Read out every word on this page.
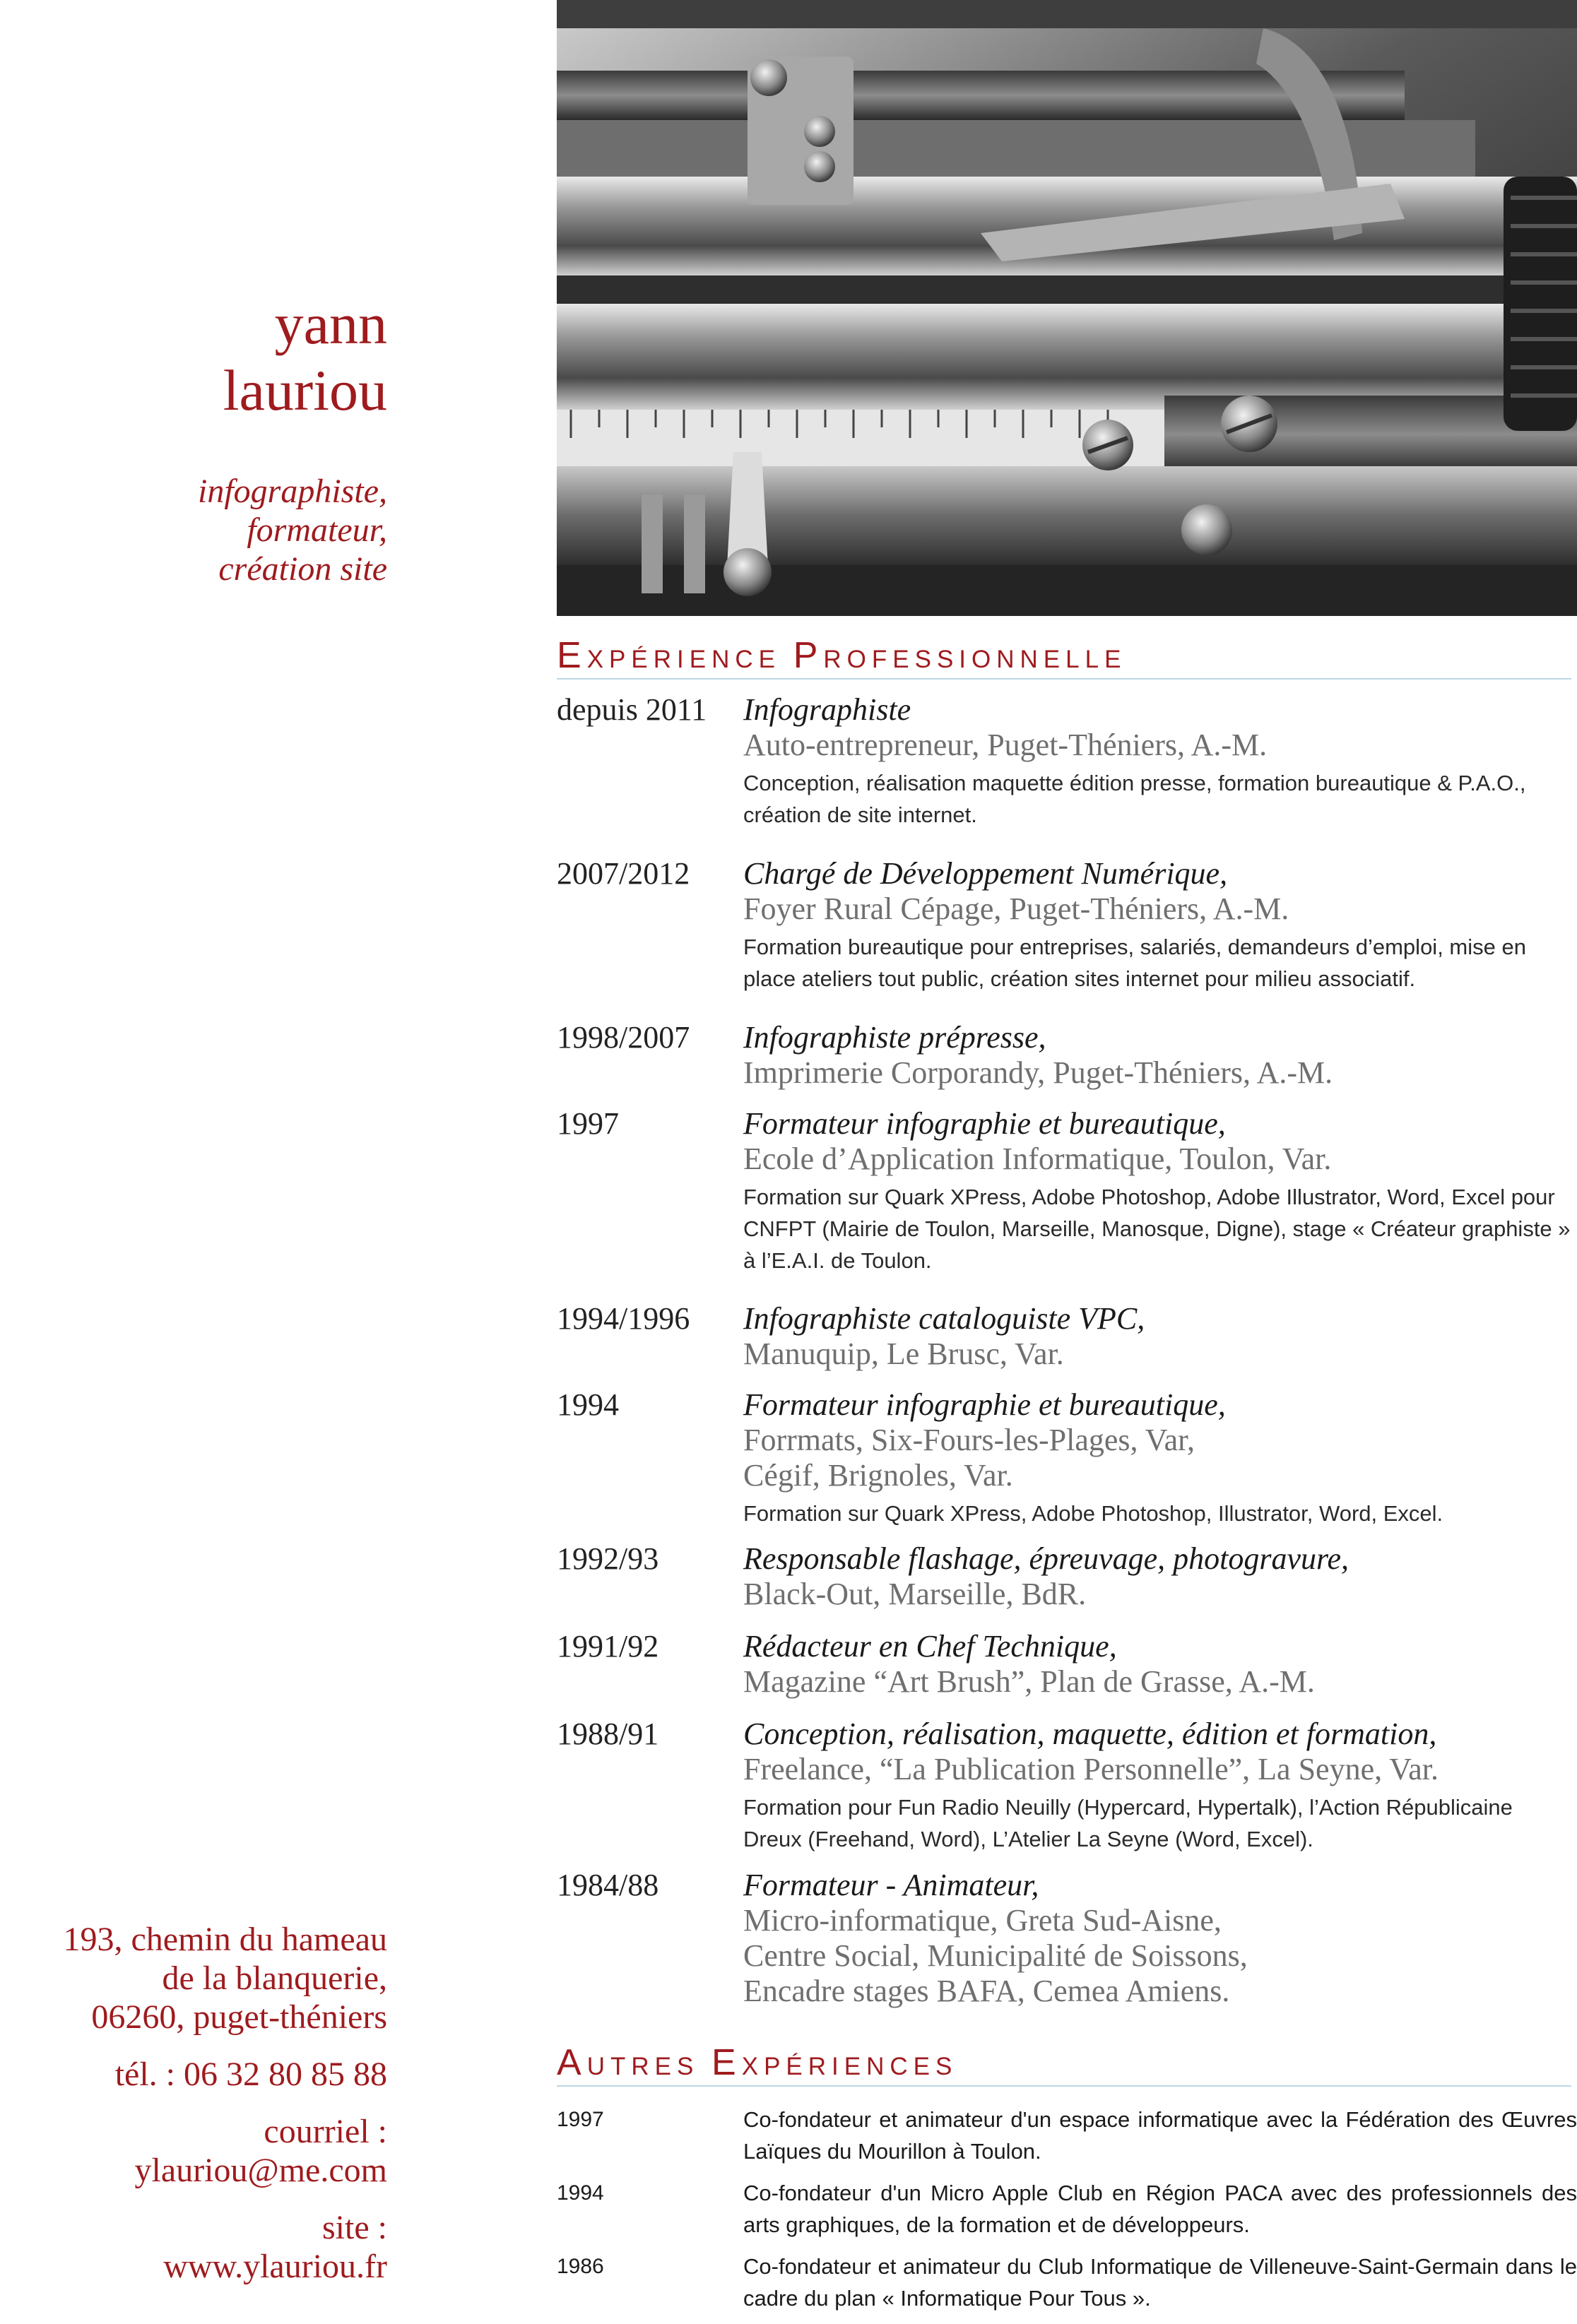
yann
lauriou
infographiste,
formateur,
création site
193, chemin du hameau
de la blanquerie,
06260, puget-théniers
tél. : 06 32 80 85 88
courriel :
ylauriou@me.com
site :
www.ylauriou.fr
EXPÉRIENCE PROFESSIONNELLE
depuis 2011 Infographiste
Auto-entrepreneur, Puget-Théniers, A.-M.
Conception, réalisation maquette édition presse, formation bureautique & P.A.O., création de site internet.
2007/2012 Chargé de Développement Numérique,
Foyer Rural Cépage, Puget-Théniers, A.-M.
Formation bureautique pour entreprises, salariés, demandeurs d’emploi, mise en place ateliers tout public, création sites internet pour milieu associatif.
1998/2007 Infographiste prépresse,
Imprimerie Corporandy, Puget-Théniers, A.-M.
1997	Formateur infographie et bureautique,
Ecole d’Application Informatique, Toulon, Var.
Formation sur Quark XPress, Adobe Photoshop, Adobe Illustrator, Word, Excel pour CNFPT (Mairie de Toulon, Marseille, Manosque, Digne), stage « Créateur graphiste » à l’E.A.I. de Toulon.
1994/1996 Infographiste cataloguiste VPC,
Manuquip, Le Brusc, Var.
1994	Formateur infographie et bureautique,
Forrmats, Six-Fours-les-Plages, Var,
Cégif, Brignoles, Var.
Formation sur Quark XPress, Adobe Photoshop, Illustrator, Word, Excel.
1992/93	Responsable flashage, épreuvage, photogravure,
Black-Out, Marseille, BdR.
1991/92	Rédacteur en Chef Technique,
Magazine “Art Brush”, Plan de Grasse, A.-M.
1988/91	Conception, réalisation, maquette, édition et formation,
Freelance, “La Publication Personnelle”, La Seyne, Var.
Formation pour Fun Radio Neuilly (Hypercard, Hypertalk), l’Action Républicaine Dreux (Freehand, Word), L’Atelier La Seyne (Word, Excel).
1984/88	Formateur - Animateur,
Micro-informatique, Greta Sud-Aisne,
Centre Social, Municipalité de Soissons,
Encadre stages BAFA, Cemea Amiens.
AUTRES EXPÉRIENCES
1997	Co-fondateur et animateur d'un espace informatique avec la Fédération des Œuvres Laïques du Mourillon à Toulon.
1994	Co-fondateur d'un Micro Apple Club en Région PACA avec des professionnels des arts graphiques, de la formation et de développeurs.
1986	Co-fondateur et animateur du Club Informatique de Villeneuve-Saint-Germain dans le cadre du plan « Informatique Pour Tous ».
